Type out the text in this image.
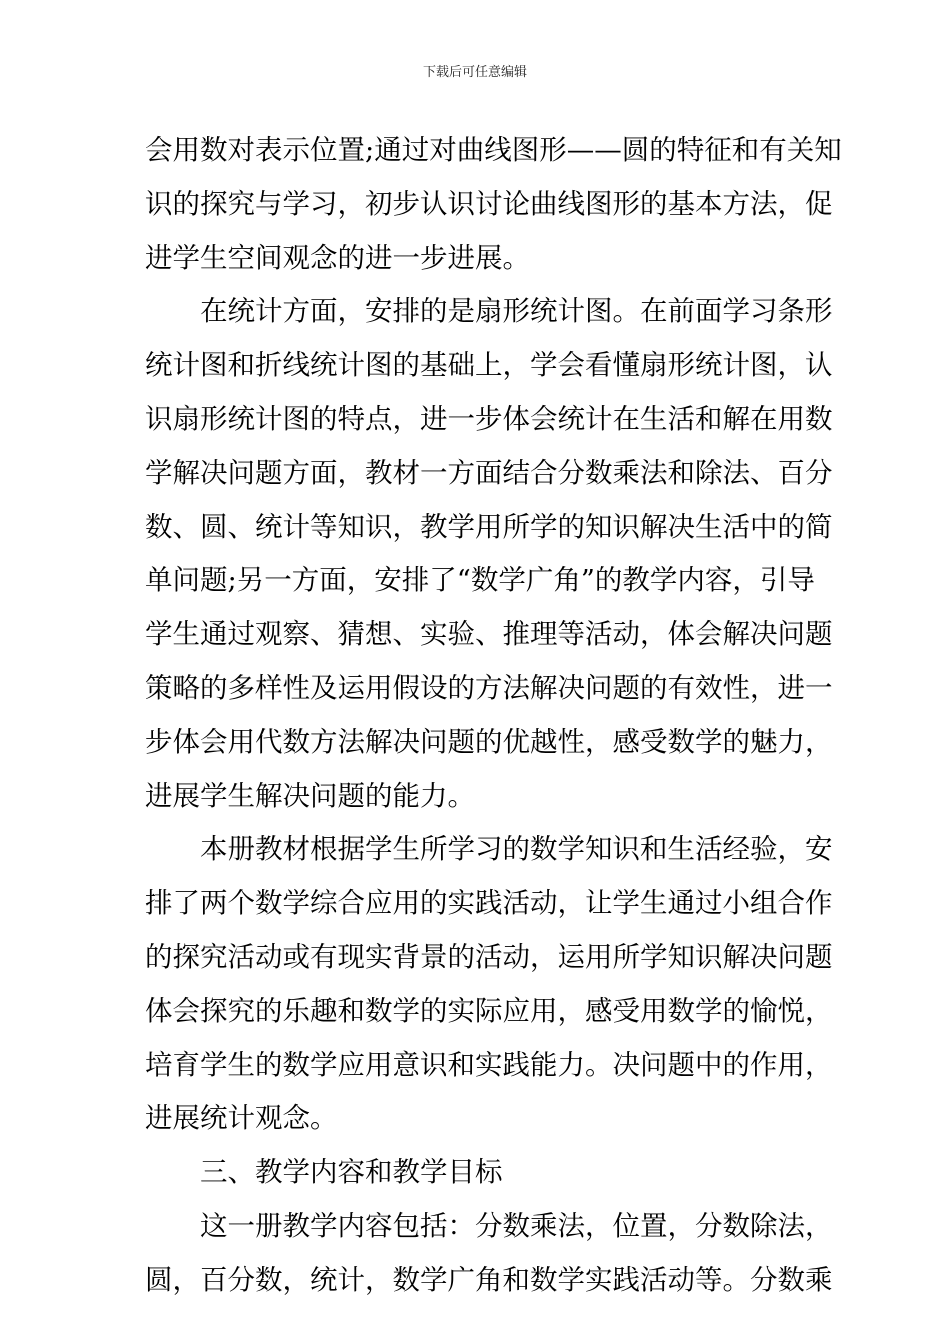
下载后可任意编辑
会用数对表示位置;通过对曲线图形——圆的特征和有关知
识的探究与学习，初步认识讨论曲线图形的基本方法，促
进学生空间观念的进一步进展。
在统计方面，安排的是扇形统计图。在前面学习条形
统计图和折线统计图的基础上，学会看懂扇形统计图，认
识扇形统计图的特点，进一步体会统计在生活和解在用数
学解决问题方面，教材一方面结合分数乘法和除法、百分
数、圆、统计等知识，教学用所学的知识解决生活中的简
单问题;另一方面，安排了“数学广角”的教学内容，引导
学生通过观察、猜想、实验、推理等活动，体会解决问题
策略的多样性及运用假设的方法解决问题的有效性，进一
步体会用代数方法解决问题的优越性，感受数学的魅力，
进展学生解决问题的能力。
本册教材根据学生所学习的数学知识和生活经验，安
排了两个数学综合应用的实践活动，让学生通过小组合作
的探究活动或有现实背景的活动，运用所学知识解决问题
体会探究的乐趣和数学的实际应用，感受用数学的愉悦，
培育学生的数学应用意识和实践能力。决问题中的作用，
进展统计观念。
三、教学内容和教学目标
这一册教学内容包括：分数乘法，位置，分数除法，
圆，百分数，统计，数学广角和数学实践活动等。分数乘
